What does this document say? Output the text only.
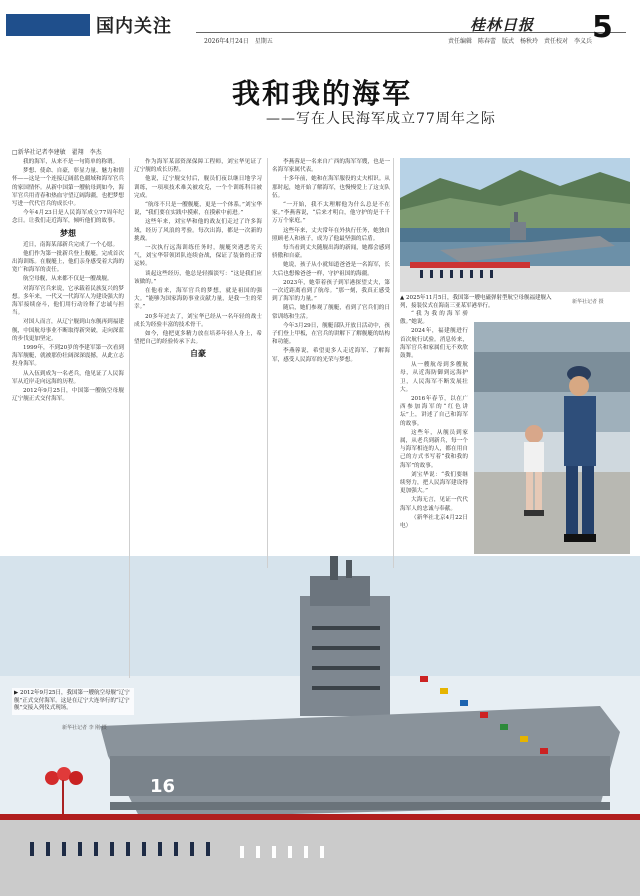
国内关注
2026年4月24日　星期五
桂林日报
责任编辑　陈春蕾　版式　杨秋玲　责任校对　李义兵 5
我和我的海军
——写在人民海军成立77周年之际
▲ 2025年11月5日，我国第一艘电磁弹射型航空母舰福建舰入列，接装仪式在海南三亚某军港举行。
新华社记者 摄
16
▶ 2012年9月25日，我国第一艘航空母舰“辽宁舰”正式交付海军。这是在辽宁大连举行的“辽宁舰”交接入列仪式现场。
新华社记者 李 刚 摄
□新华社记者李建敏　翟翔　李杰

我的海军，从来不是一句简单的称谓。

梦想、使命、自豪，彰显力量、魅力和情怀——这是一个连接辽阔蓝色疆域和海军官兵的家国情怀。从新中国第一艘航母到如今，海军官兵用青春和热血守望辽阔海疆，也把梦想写进一代代官兵的成长中。

今年4月23日是人民海军成立77周年纪念日。让我们走近海军，倾听他们的故事。

梦想

近日，南海某部新兵完成了一个心愿。

他们作为第一批新兵登上舰艇，完成首次出海训练。在舰艇上，他们亲身感受着大海的宽广和海军的责任。

航空母舰，从来都不仅是一艘战舰。

对海军官兵来说，它承载着民族复兴的梦想。多年来，一代又一代海军人为建设强大的海军接续奋斗，他们用行动诠释了忠诚与担当。

对国人而言，从辽宁舰到山东舰再到福建舰，中国航母事业不断取得新突破，走向深蓝的步伐更加坚定。

1999年，不到20岁的李建军第一次看到海军舰艇，就被那份壮阔深深震撼，从此立志投身海军。

从入伍到成为一名老兵，他见证了人民海军从近岸走向远海的历程。

2012年9月25日，中国第一艘航空母舰辽宁舰正式交付海军。

作为海军某部资深保障工程师，刘宝华见证了辽宁舰的成长历程。

他说，辽宁舰交付后，舰员们夜以继日地学习训练，一项项技术难关被攻克，一个个训练科目被完成。

“航母不只是一艘舰艇，更是一个体系。”刘宝华说，“我们要在实践中摸索，在摸索中前进。”

这些年来，刘宝华和他的战友们走过了许多海域，经历了风浪的考验。每次出海，都是一次新的挑战。

一次执行远海训练任务时，舰艇突遇恶劣天气，刘宝华带领团队连续奋战，保证了装备的正常运转。

谈起这些经历，他总是轻描淡写：“这是我们应该做的。”

在他看来，海军官兵的梦想，就是祖国的强大。“能够为国家海防事业贡献力量，是我一生的荣幸。”

20多年过去了，刘宝华已经从一名年轻的战士成长为经验丰富的技术骨干。

如今，他把更多精力放在培养年轻人身上，希望把自己的经验传承下去。

自豪

李燕蓉是一名来自广西的海军军嫂，也是一名海军家属代表。

十多年前，她和在海军服役的丈夫相识。从那时起，她开始了解海军，也慢慢爱上了这支队伍。

“一开始，我不太理解他为什么总是不在家。”李燕蓉说，“后来才明白，他守护的是千千万万个家庭。”

这些年来，丈夫常年在外执行任务，她独自照顾老人和孩子，成为了他最坚强的后盾。

每当看到丈夫随舰出海的新闻，她都会感到骄傲和自豪。

她说，孩子从小就知道爸爸是一名海军，长大后也想像爸爸一样，守护祖国的海疆。

2023年，她带着孩子到军港探望丈夫，第一次近距离看到了航母。“那一刻，我真正感受到了海军的力量。”

随后，她们参观了舰艇，看到了官兵们的日常训练和生活。

今年3月29日，舰艇部队开放日活动中，孩子们登上甲板，在官兵的讲解下了解舰艇的结构和功能。

李燕蓉说，希望更多人走近海军、了解海军，感受人民海军的光荣与梦想。

“我为我的海军骄傲。”她说。

2024年，福建舰进行首次航行试验。消息传来，海军官兵和家属们无不欢欣鼓舞。

从一艘航母到多艘航母，从近海防御到远海护卫，人民海军不断发展壮大。

2016年春节，以在广西参加海军的“红色讲坛”上，讲述了自己和海军的故事。

这些年，从舰员到家属，从老兵到新兵，每一个与海军相连的人，都在用自己的方式书写着“我和我的海军”的故事。

刘宝华说：“我们要继续努力，把人民海军建设得更加强大。”

大海无言，见证一代代海军人的忠诚与奉献。

（新华社北京4月22日电）
